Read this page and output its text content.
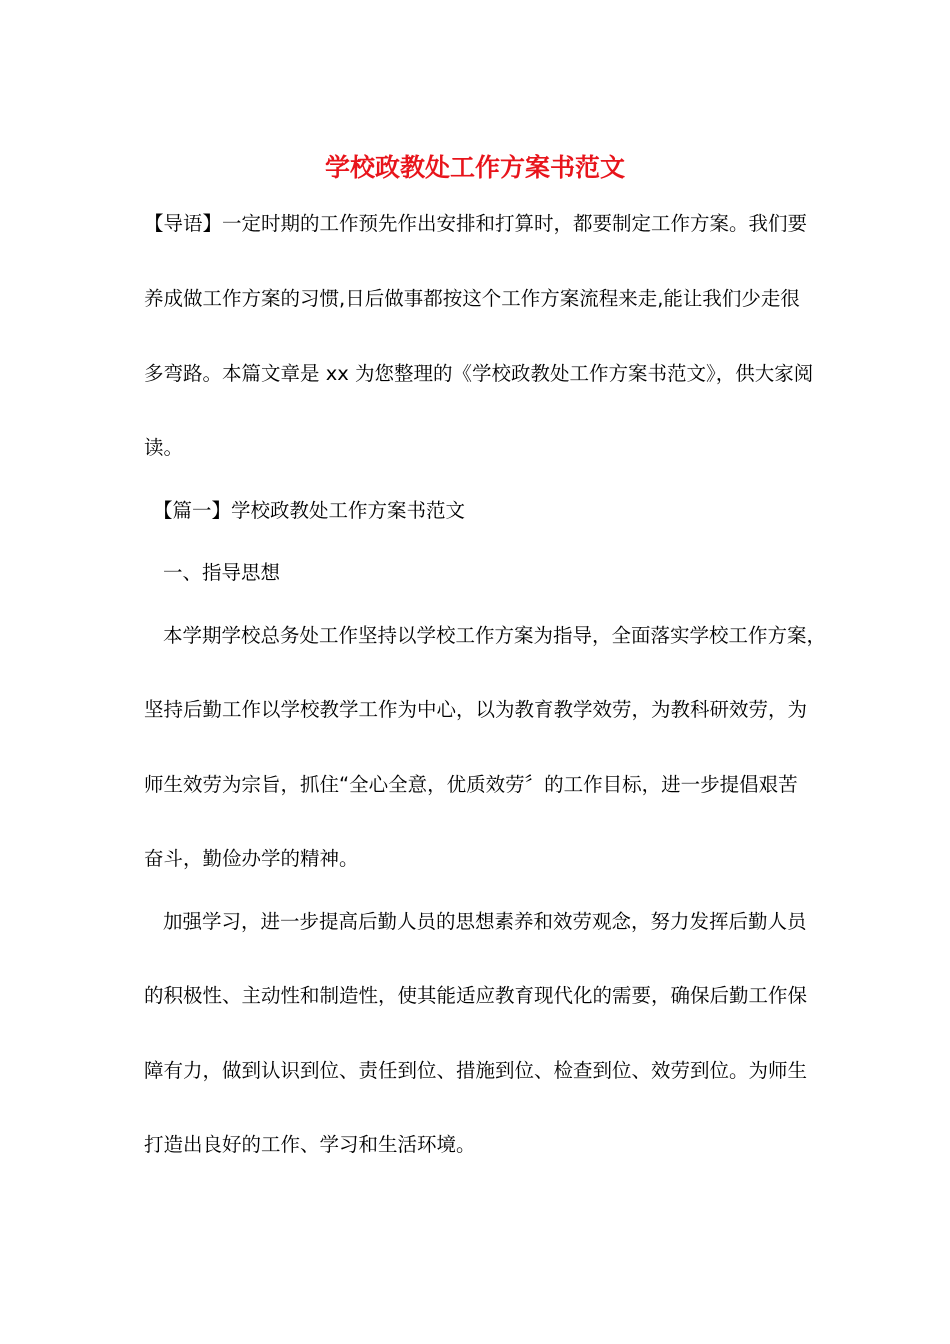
学校政教处工作方案书范文

【导语】一定时期的工作预先作出安排和打算时，都要制定工作方案。我们要

养成做工作方案的习惯,日后做事都按这个工作方案流程来走,能让我们少走很

多弯路。本篇文章是 xx 为您整理的《学校政教处工作方案书范文》，供大家阅

读。

【篇一】学校政教处工作方案书范文

一、指导思想

本学期学校总务处工作坚持以学校工作方案为指导，全面落实学校工作方案，

坚持后勤工作以学校教学工作为中心，以为教育教学效劳，为教科研效劳，为

师生效劳为宗旨，抓住“全心全意，优质效劳〞的工作目标，进一步提倡艰苦

奋斗，勤俭办学的精神。

加强学习，进一步提高后勤人员的思想素养和效劳观念，努力发挥后勤人员

的积极性、主动性和制造性，使其能适应教育现代化的需要，确保后勤工作保

障有力，做到认识到位、责任到位、措施到位、检查到位、效劳到位。为师生

打造出良好的工作、学习和生活环境。
